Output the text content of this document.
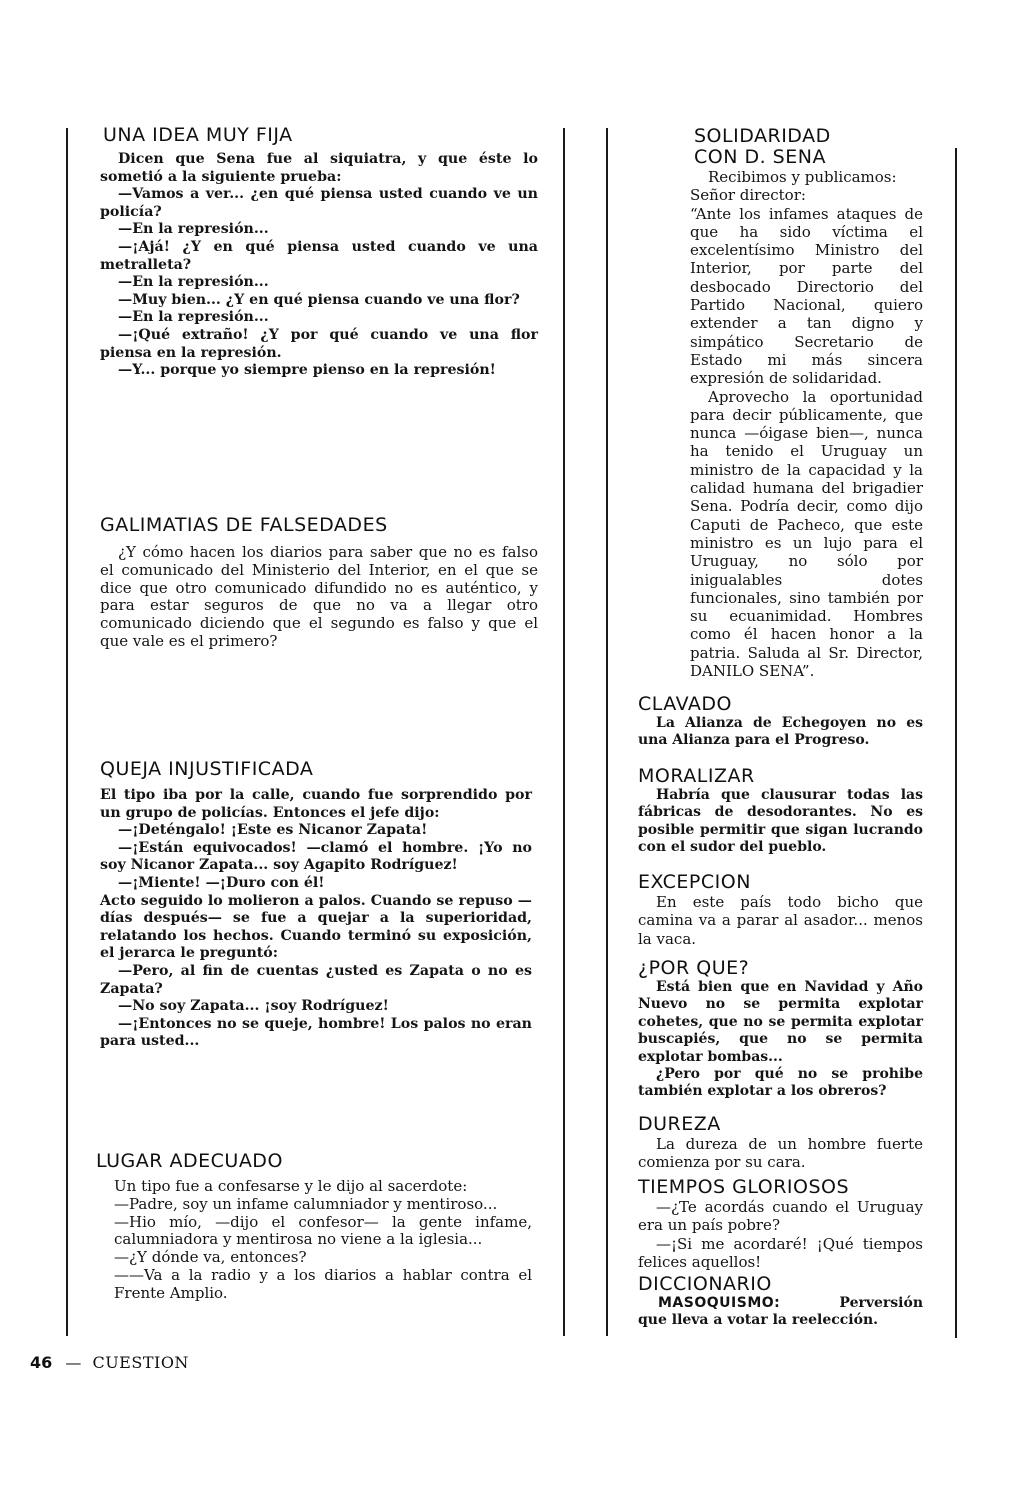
UNA IDEA MUY FIJA

Dicen que Sena fue al siquiatra, y que éste lo sometió a la siguiente prueba:

—Vamos a ver... ¿en qué piensa usted cuando ve un policía?

—En la represión...

—¡Ajá! ¿Y en qué piensa usted cuando ve una metralleta?

—En la represión...

—Muy bien... ¿Y en qué piensa cuando ve una flor?

—En la represión...

—¡Qué extraño! ¿Y por qué cuando ve una flor piensa en la represión.

—Y... porque yo siempre pienso en la represión!

GALIMATIAS DE FALSEDADES

¿Y cómo hacen los diarios para saber que no es falso el comunicado del Ministerio del Interior, en el que se dice que otro comunicado difundido no es auténtico, y para estar seguros de que no va a llegar otro comunicado diciendo que el segundo es falso y que el que vale es el primero?

QUEJA INJUSTIFICADA

El tipo iba por la calle, cuando fue sorprendido por un grupo de policías. Entonces el jefe dijo:

—¡Deténgalo! ¡Este es Nicanor Zapata!

—¡Están equivocados! —clamó el hombre. ¡Yo no soy Nicanor Zapata... soy Agapito Rodríguez!

—¡Miente! —¡Duro con él!

Acto seguido lo molieron a palos. Cuando se repuso —días después— se fue a quejar a la superioridad, relatando los hechos. Cuando terminó su exposición, el jerarca le preguntó:

—Pero, al fin de cuentas ¿usted es Zapata o no es Zapata?

—No soy Zapata... ¡soy Rodríguez!

—¡Entonces no se queje, hombre! Los palos no eran para usted...

LUGAR ADECUADO

Un tipo fue a confesarse y le dijo al sacerdote:

—Padre, soy un infame calumniador y mentiroso...

—Hio mío, —dijo el confesor— la gente infame, calumniadora y mentirosa no viene a la iglesia...

—¿Y dónde va, entonces?

——Va a la radio y a los diarios a hablar contra el Frente Amplio.

SOLIDARIDAD
CON D. SENA

Recibimos y publicamos:

Señor director:

“Ante los infames ataques de que ha sido víctima el excelentísimo Ministro del Interior, por parte del desbocado Directorio del Partido Nacional, quiero extender a tan digno y simpático Secretario de Estado mi más sincera expresión de solidaridad.

Aprovecho la oportunidad para decir públicamente, que nunca —óigase bien—, nunca ha tenido el Uruguay un ministro de la capacidad y la calidad humana del brigadier Sena. Podría decir, como dijo Caputi de Pacheco, que este ministro es un lujo para el Uruguay, no sólo por inigualables dotes funcionales, sino también por su ecuanimidad. Hombres como él hacen honor a la patria. Saluda al Sr. Director, DANILO SENA”.

CLAVADO

La Alianza de Echegoyen no es una Alianza para el Progreso.

MORALIZAR

Habría que clausurar todas las fábricas de desodorantes. No es posible permitir que sigan lucrando con el sudor del pueblo.

EXCEPCION

En este país todo bicho que camina va a parar al asador... menos la vaca.

¿POR QUE?

Está bien que en Navidad y Año Nuevo no se permita explotar cohetes, que no se permita explotar buscapiés, que no se permita explotar bombas...

¿Pero por qué no se prohibe también explotar a los obreros?

DUREZA

La dureza de un hombre fuerte comienza por su cara.

TIEMPOS GLORIOSOS

—¿Te acordás cuando el Uruguay era un país pobre?

—¡Si me acordaré! ¡Qué tiempos felices aquellos!

DICCIONARIO

MASOQUISMO:	Perversión

que lleva a votar la reelección.

46 — CUESTION
